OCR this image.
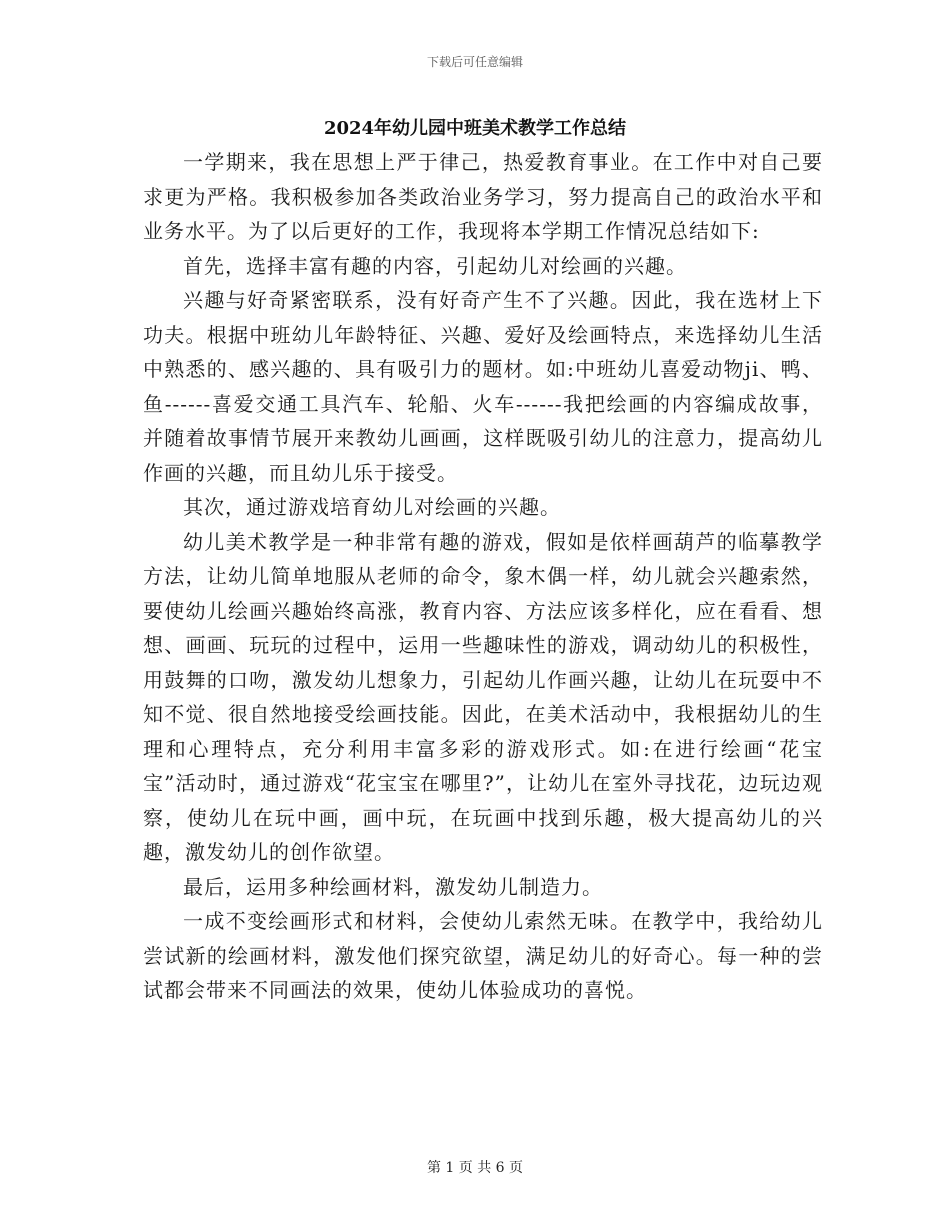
下载后可任意编辑
2024年幼儿园中班美术教学工作总结

一学期来，我在思想上严于律己，热爱教育事业。在工作中对自己要求更为严格。我积极参加各类政治业务学习，努力提高自己的政治水平和业务水平。为了以后更好的工作，我现将本学期工作情况总结如下:

首先，选择丰富有趣的内容，引起幼儿对绘画的兴趣。

兴趣与好奇紧密联系，没有好奇产生不了兴趣。因此，我在选材上下功夫。根据中班幼儿年龄特征、兴趣、爱好及绘画特点，来选择幼儿生活中熟悉的、感兴趣的、具有吸引力的题材。如:中班幼儿喜爱动物ji、鸭、鱼------喜爱交通工具汽车、轮船、火车------我把绘画的内容编成故事，并随着故事情节展开来教幼儿画画，这样既吸引幼儿的注意力，提高幼儿作画的兴趣，而且幼儿乐于接受。

其次，通过游戏培育幼儿对绘画的兴趣。

幼儿美术教学是一种非常有趣的游戏，假如是依样画葫芦的临摹教学方法，让幼儿简单地服从老师的命令，象木偶一样，幼儿就会兴趣索然，要使幼儿绘画兴趣始终高涨，教育内容、方法应该多样化，应在看看、想想、画画、玩玩的过程中，运用一些趣味性的游戏，调动幼儿的积极性，用鼓舞的口吻，激发幼儿想象力，引起幼儿作画兴趣，让幼儿在玩耍中不知不觉、很自然地接受绘画技能。因此，在美术活动中，我根据幼儿的生理和心理特点，充分利用丰富多彩的游戏形式。如:在进行绘画“花宝宝”活动时，通过游戏“花宝宝在哪里?”，让幼儿在室外寻找花，边玩边观察，使幼儿在玩中画，画中玩，在玩画中找到乐趣，极大提高幼儿的兴趣，激发幼儿的创作欲望。

最后，运用多种绘画材料，激发幼儿制造力。

一成不变绘画形式和材料，会使幼儿索然无味。在教学中，我给幼儿尝试新的绘画材料，激发他们探究欲望，满足幼儿的好奇心。每一种的尝试都会带来不同画法的效果，使幼儿体验成功的喜悦。

第 1 页 共 6 页
